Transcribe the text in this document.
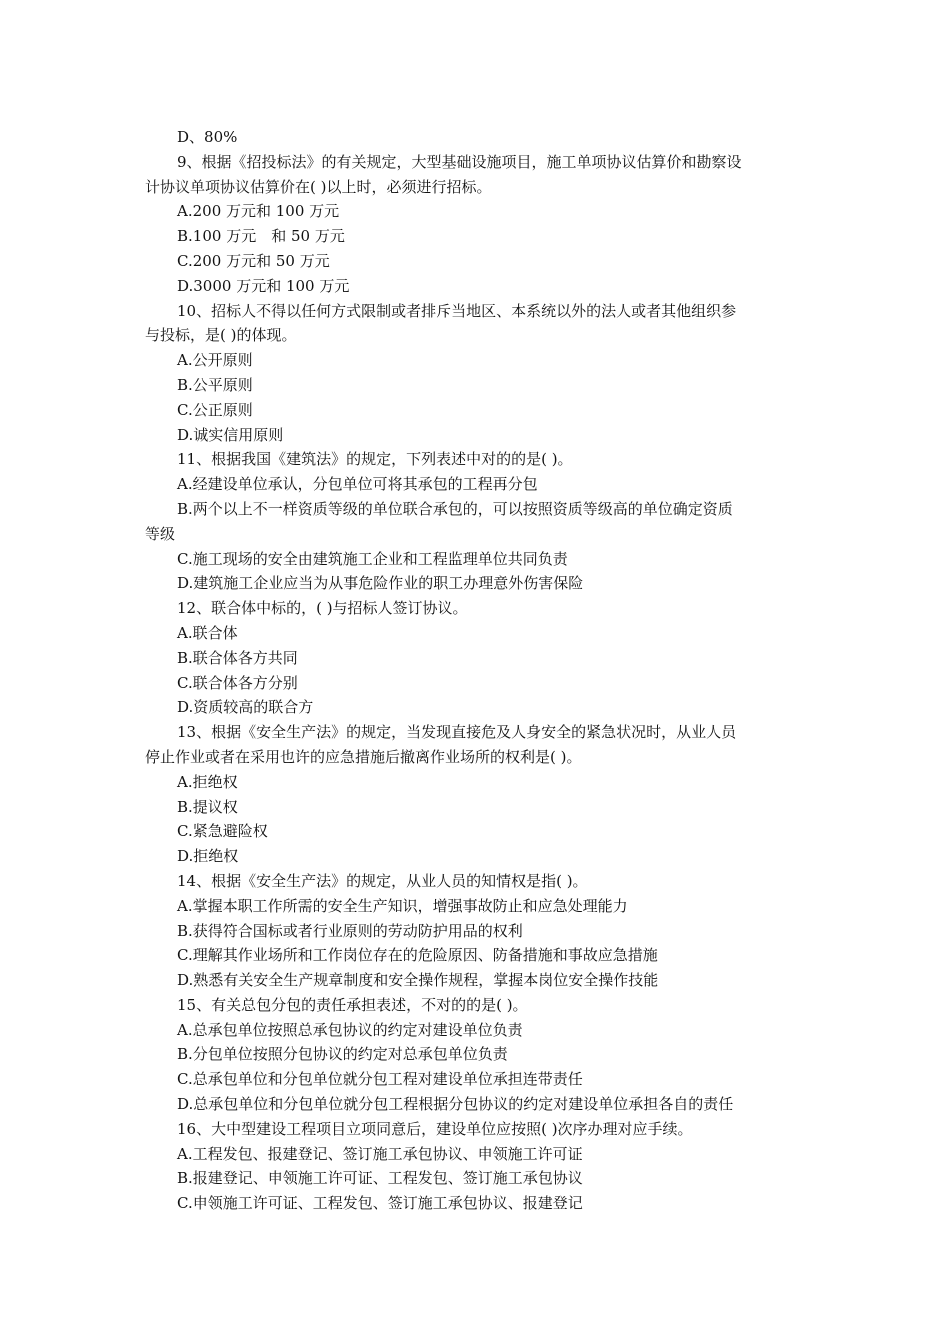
D、80%
9、根据《招投标法》的有关规定，大型基础设施项目，施工单项协议估算价和勘察设
计协议单项协议估算价在( )以上时，必须进行招标。
A.200 万元和 100 万元
B.100 万元　和 50 万元
C.200 万元和 50 万元
D.3000 万元和 100 万元
10、招标人不得以任何方式限制或者排斥当地区、本系统以外的法人或者其他组织参
与投标，是( )的体现。
A.公开原则
B.公平原则
C.公正原则
D.诚实信用原则
11、根据我国《建筑法》的规定，下列表述中对的的是( )。
A.经建设单位承认，分包单位可将其承包的工程再分包
B.两个以上不一样资质等级的单位联合承包的，可以按照资质等级高的单位确定资质
等级
C.施工现场的安全由建筑施工企业和工程监理单位共同负责
D.建筑施工企业应当为从事危险作业的职工办理意外伤害保险
12、联合体中标的，( )与招标人签订协议。
A.联合体
B.联合体各方共同
C.联合体各方分别
D.资质较高的联合方
13、根据《安全生产法》的规定，当发现直接危及人身安全的紧急状况时，从业人员
停止作业或者在采用也许的应急措施后撤离作业场所的权利是( )。
A.拒绝权
B.提议权
C.紧急避险权
D.拒绝权
14、根据《安全生产法》的规定，从业人员的知情权是指( )。
A.掌握本职工作所需的安全生产知识，增强事故防止和应急处理能力
B.获得符合国标或者行业原则的劳动防护用品的权利
C.理解其作业场所和工作岗位存在的危险原因、防备措施和事故应急措施
D.熟悉有关安全生产规章制度和安全操作规程，掌握本岗位安全操作技能
15、有关总包分包的责任承担表述，不对的的是( )。
A.总承包单位按照总承包协议的约定对建设单位负责
B.分包单位按照分包协议的约定对总承包单位负责
C.总承包单位和分包单位就分包工程对建设单位承担连带责任
D.总承包单位和分包单位就分包工程根据分包协议的约定对建设单位承担各自的责任
16、大中型建设工程项目立项同意后，建设单位应按照( )次序办理对应手续。
A.工程发包、报建登记、签订施工承包协议、申领施工许可证
B.报建登记、申领施工许可证、工程发包、签订施工承包协议
C.申领施工许可证、工程发包、签订施工承包协议、报建登记
